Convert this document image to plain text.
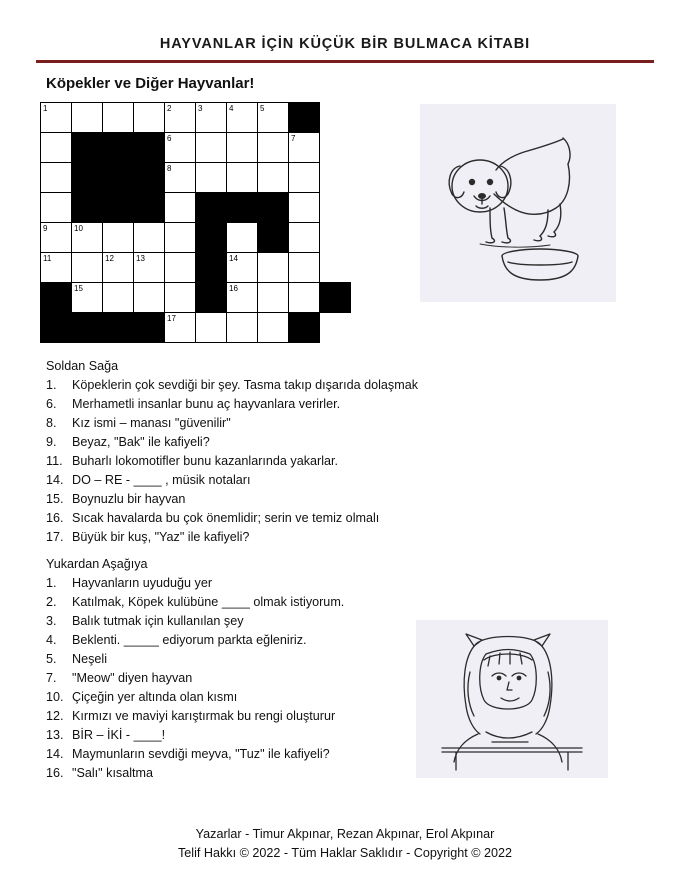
HAYVANLAR İÇİN KÜÇÜK BİR BULMACA KİTABI
Köpekler ve Diğer Hayvanlar!
1				2	3	4	5		

				6				7	

				8					

9	10								

11		12	13			14			

	15					16			

				17					

Soldan Sağa
1.	Köpeklerin çok sevdiği bir şey. Tasma takıp dışarıda dolaşmak
6.	Merhametli insanlar bunu aç hayvanlara verirler.
8.	Kız ismi – manası "güvenilir"
9.	Beyaz, "Bak" ile kafiyeli?
11. Buharlı lokomotifler bunu kazanlarında yakarlar.
14. DO – RE - ____ , müsik notaları
15. Boynuzlu bir hayvan
16. Sıcak havalarda bu çok önemlidir; serin ve temiz olmalı
17. Büyük bir kuş, "Yaz" ile kafiyeli?
Yukardan Aşağıya
1.	Hayvanların uyuduğu yer
2.	Katılmak, Köpek kulübüne ____ olmak istiyorum.
3.	Balık tutmak için kullanılan şey
4.	Beklenti. _____ ediyorum parkta eğleniriz.
5.	Neşeli
7.	"Meow" diyen hayvan
10. Çiçeğin yer altında olan kısmı
12. Kırmızı ve maviyi karıştırmak bu rengi oluşturur
13. BİR – İKİ - ____!
14. Maymunların sevdiği meyva, "Tuz" ile kafiyeli?
16. "Salı" kısaltma
Yazarlar - Timur Akpınar, Rezan Akpınar, Erol Akpınar
Telif Hakkı © 2022 - Tüm Haklar Saklıdır - Copyright © 2022
